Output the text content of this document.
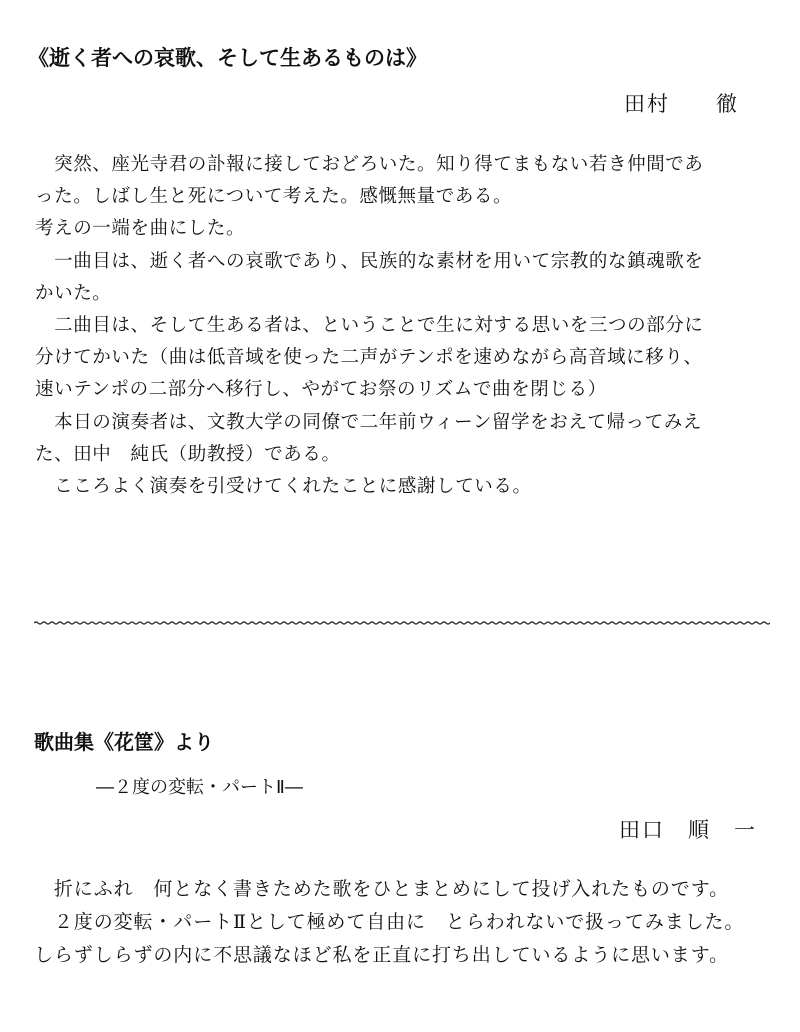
《逝く者への哀歌、そして生あるものは》
田村　　徹
　突然、座光寺君の訃報に接しておどろいた。知り得てまもない若き仲間であ
った。しばし生と死について考えた。感慨無量である。
考えの一端を曲にした。
　一曲目は、逝く者への哀歌であり、民族的な素材を用いて宗教的な鎮魂歌を
かいた。
　二曲目は、そして生ある者は、ということで生に対する思いを三つの部分に
分けてかいた（曲は低音域を使った二声がテンポを速めながら高音域に移り、
速いテンポの二部分へ移行し、やがてお祭のリズムで曲を閉じる）
　本日の演奏者は、文教大学の同僚で二年前ウィーン留学をおえて帰ってみえ
た、田中　純氏（助教授）である。
　こころよく演奏を引受けてくれたことに感謝している。
歌曲集《花筐》より
―２度の変転・パートⅡ―
田口　順　一
　折にふれ　何となく書きためた歌をひとまとめにして投げ入れたものです。
　２度の変転・パートⅡとして極めて自由に　とらわれないで扱ってみました。
しらずしらずの内に不思議なほど私を正直に打ち出しているように思います。
